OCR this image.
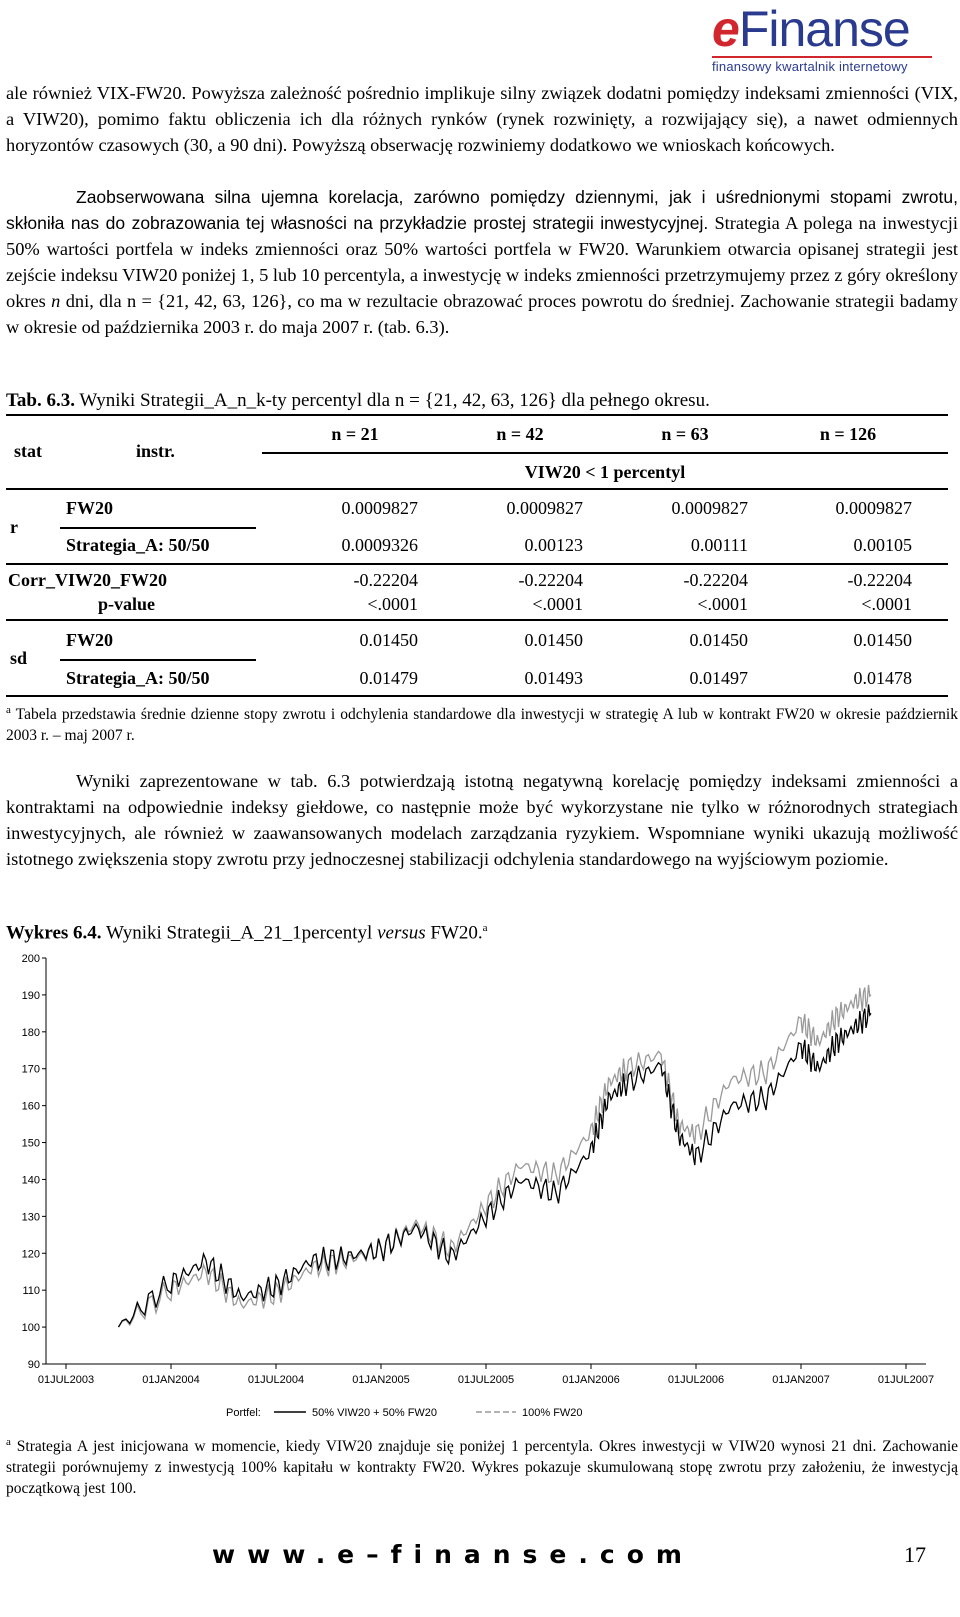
eFinanse
finansowy kwartalnik internetowy
ale również VIX-FW20. Powyższa zależność pośrednio implikuje silny związek dodatni pomiędzy indeksami zmienności (VIX, a VIW20), pomimo faktu obliczenia ich dla różnych rynków (rynek rozwinięty, a rozwijający się), a nawet odmiennych horyzontów czasowych (30, a 90 dni). Powyższą obserwację rozwiniemy dodatkowo we wnioskach końcowych.
Zaobserwowana silna ujemna korelacja, zarówno pomiędzy dziennymi, jak i uśrednionymi stopami zwrotu, skłoniła nas do zobrazowania tej własności na przykładzie prostej strategii inwestycyjnej. Strategia A polega na inwestycji 50% wartości portfela w indeks zmienności oraz 50% wartości portfela w FW20. Warunkiem otwarcia opisanej strategii jest zejście indeksu VIW20 poniżej 1, 5 lub 10 percentyla, a inwestycję w indeks zmienności przetrzymujemy przez z góry określony okres n dni, dla n = {21, 42, 63, 126}, co ma w rezultacie obrazować proces powrotu do średniej. Zachowanie strategii badamy w okresie od października 2003 r. do maja 2007 r. (tab. 6.3).
Tab. 6.3. Wyniki Strategii_A_n_k-ty percentyl dla n = {21, 42, 63, 126} dla pełnego okresu.
stat	instr.
n = 21	n = 42	n = 63	n = 126
VIW20 < 1 percentyl
r
FW20	0.0009827	0.0009827	0.0009827	0.0009827
Strategia_A: 50/50	0.0009326	0.00123	0.00111	0.00105
Corr_VIW20_FW20	-0.22204	-0.22204	-0.22204	-0.22204
p-value	<.0001	<.0001	<.0001	<.0001
sd
FW20	0.01450	0.01450	0.01450	0.01450
Strategia_A: 50/50	0.01479	0.01493	0.01497	0.01478
$^a$ Tabela przedstawia średnie dzienne stopy zwrotu i odchylenia standardowe dla inwestycji w strategię A lub w kontrakt FW20 w okresie październik 2003 r. – maj 2007 r.
Wyniki zaprezentowane w tab. 6.3 potwierdzają istotną negatywną korelację pomiędzy indeksami zmienności a kontraktami na odpowiednie indeksy giełdowe, co następnie może być wykorzystane nie tylko w różnorodnych strategiach inwestycyjnych, ale również w zaawansowanych modelach zarządzania ryzykiem. Wspomniane wyniki ukazują możliwość istotnego zwiększenia stopy zwrotu przy jednoczesnej stabilizacji odchylenia standardowego na wyjściowym poziomie.
Wykres 6.4. Wyniki Strategii_A_21_1percentyl versus FW20.$^a$
200
190
180
170
160
150
140
130
120
110
100
90
01JUL2003	01JAN2004	01JUL2004	01JAN2005	01JUL2005	01JAN2006	01JUL2006	01JAN2007	01JUL2007
Portfel:	50% VIW20 + 50% FW20	100% FW20
$^a$ Strategia A jest inicjowana w momencie, kiedy VIW20 znajduje się poniżej 1 percentyla. Okres inwestycji w VIW20 wynosi 21 dni. Zachowanie strategii porównujemy z inwestycją 100% kapitału w kontrakty FW20. Wykres pokazuje skumulowaną stopę zwrotu przy założeniu, że inwestycją początkową jest 100.
www.e–finanse.com	17
